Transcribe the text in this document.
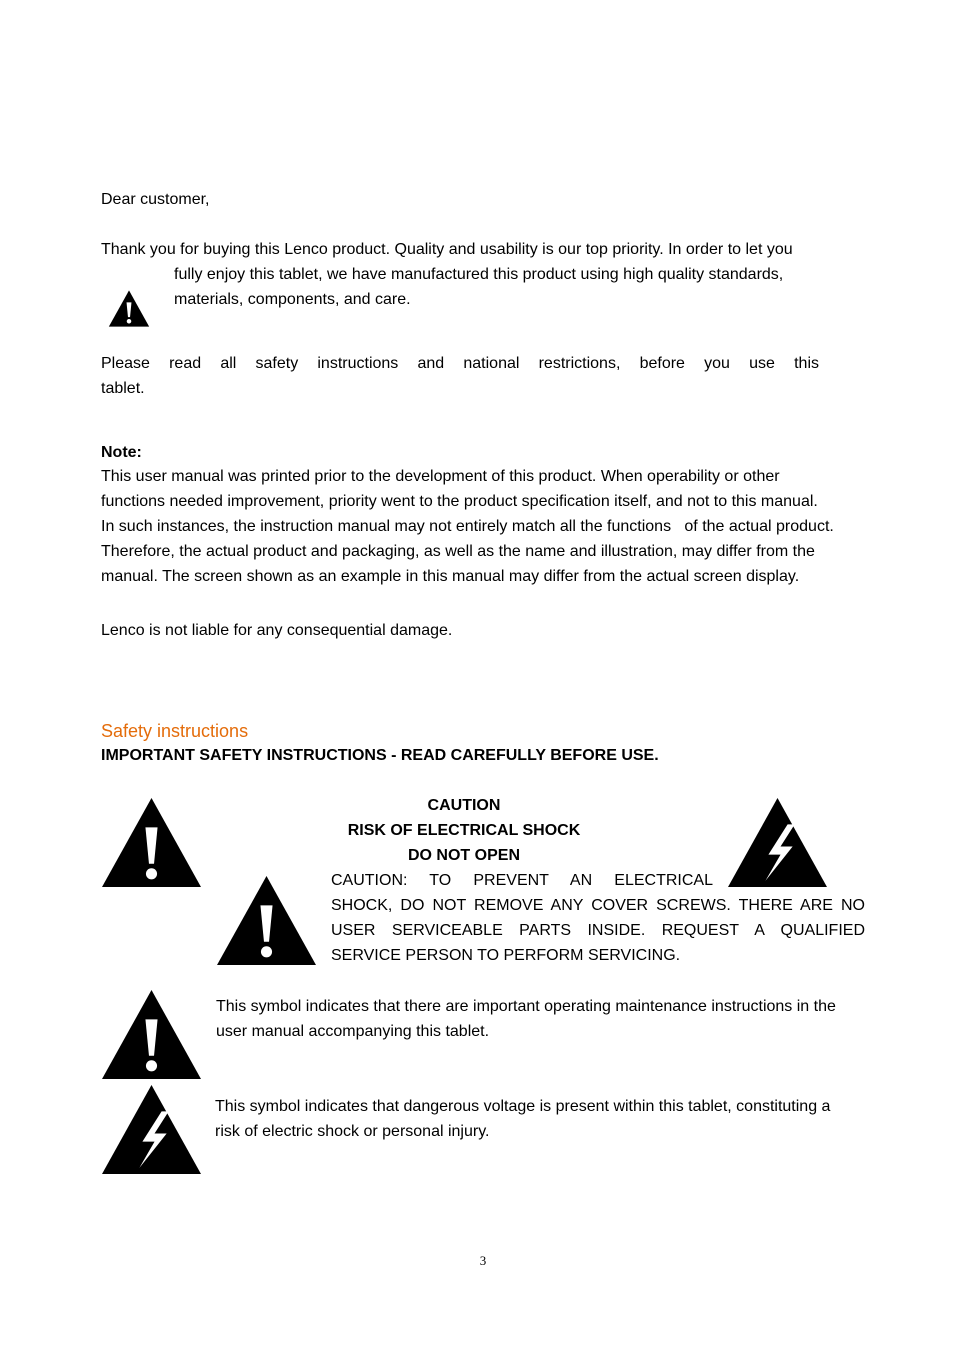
Dear customer,
Thank you for buying this Lenco product. Quality and usability is our top priority. In order to let you
fully enjoy this tablet, we have manufactured this product using high quality standards,
materials, components, and care.
Please read all safety instructions and national restrictions, before you use this
tablet.
Note:
This user manual was printed prior to the development of this product. When operability or other
functions needed improvement, priority went to the product specification itself, and not to this manual.
In such instances, the instruction manual may not entirely match all the functions   of the actual product.
Therefore, the actual product and packaging, as well as the name and illustration, may differ from the
manual. The screen shown as an example in this manual may differ from the actual screen display.
Lenco is not liable for any consequential damage.
Safety instructions
IMPORTANT SAFETY INSTRUCTIONS - READ CAREFULLY BEFORE USE.
CAUTION
RISK OF ELECTRICAL SHOCK
DO NOT OPEN
CAUTION: TO PREVENT AN ELECTRICAL
SHOCK, DO NOT REMOVE ANY COVER SCREWS. THERE ARE NO
USER SERVICEABLE PARTS INSIDE. REQUEST A QUALIFIED
SERVICE PERSON TO PERFORM SERVICING.
This symbol indicates that there are important operating maintenance instructions in the
user manual accompanying this tablet.
This symbol indicates that dangerous voltage is present within this tablet, constituting a
risk of electric shock or personal injury.
3
